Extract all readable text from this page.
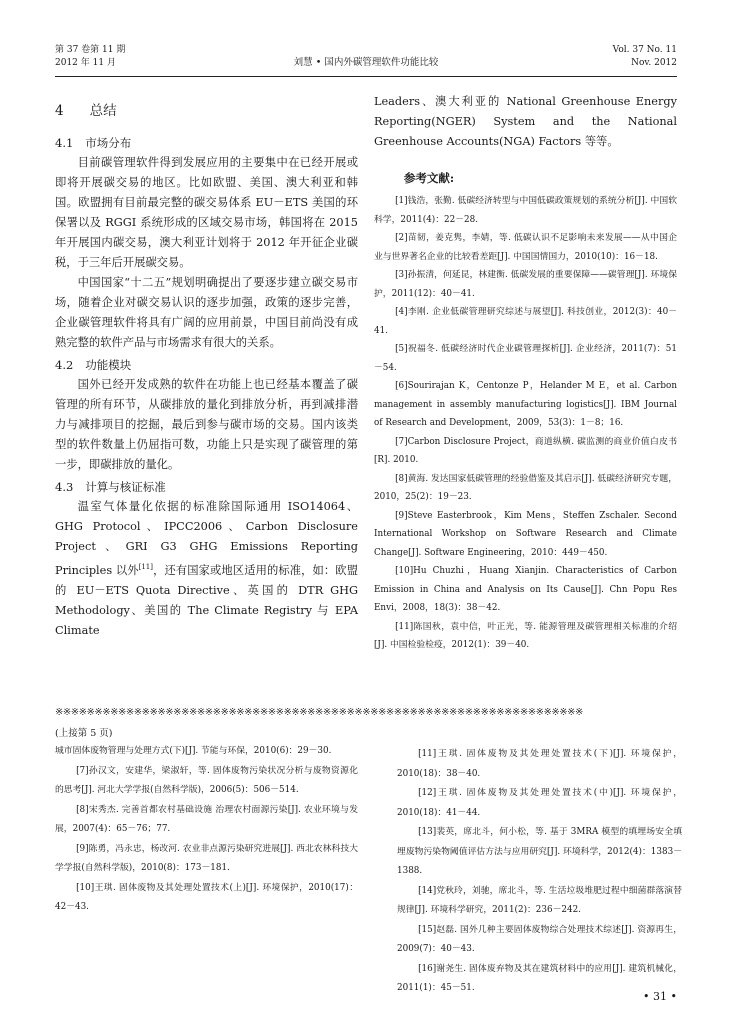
第 37 卷第 11 期
2012 年 11 月	刘慧 • 国内外碳管理软件功能比较
Vol. 37 No. 11
Nov. 2012
4 总结
4.1 市场分布

目前碳管理软件得到发展应用的主要集中在已经开展或即将开展碳交易的地区。比如欧盟、美国、澳大利亚和韩国。欧盟拥有目前最完整的碳交易体系 EU－ETS 美国的环保署以及 RGGI 系统形成的区域交易市场，韩国将在 2015 年开展国内碳交易，澳大利亚计划将于 2012 年开征企业碳税，于三年后开展碳交易。

中国国家“十二五”规划明确提出了要逐步建立碳交易市场，随着企业对碳交易认识的逐步加强，政策的逐步完善，企业碳管理软件将具有广阔的应用前景，中国目前尚没有成熟完整的软件产品与市场需求有很大的关系。

4.2 功能模块

国外已经开发成熟的软件在功能上也已经基本覆盖了碳管理的所有环节，从碳排放的量化到排放分析，再到减排潜力与减排项目的挖掘，最后到参与碳市场的交易。国内该类型的软件数量上仍屈指可数，功能上只是实现了碳管理的第一步，即碳排放的量化。

4.3 计算与核证标准

温室气体量化依据的标准除国际通用 ISO14064、GHG Protocol、IPCC2006、Carbon Disclosure Project、GRI G3 GHG Emissions Reporting Principles 以外[11]，还有国家或地区适用的标准，如：欧盟的 EU－ETS Quota Directive、英国的 DTR GHG Methodology、美国的 The Climate Registry 与 EPA Climate

Leaders、澳大利亚的 National Greenhouse Energy Reporting(NGER) System and the National Greenhouse Accounts(NGA) Factors 等等。

参考文献:

[1]钱浩，张勤. 低碳经济转型与中国低碳政策规划的系统分析[J]. 中国软科学，2011(4)：22－28.

[2]苗韧，姜克隽，李婧，等. 低碳认识不足影响未来发展——从中国企业与世界著名企业的比较看差距[J]. 中国国情国力，2010(10)：16－18.

[3]孙振清，何延昆，林建衡. 低碳发展的重要保障——碳管理[J]. 环境保护，2011(12)：40－41.

[4]李刚. 企业低碳管理研究综述与展望[J]. 科技创业，2012(3)：40－41.

[5]祝福冬. 低碳经济时代企业碳管理探析[J]. 企业经济，2011(7)：51－54.

[6]Sourirajan K，Centonze P，Helander M E，et al. Carbon management in assembly manufacturing logistics[J]. IBM Journal of Research and Development，2009，53(3)：1－8；16.

[7]Carbon Disclosure Project，商道纵横. 碳监测的商业价值白皮书[R]. 2010.

[8]黄海. 发达国家低碳管理的经验借鉴及其启示[J]. 低碳经济研究专题，2010，25(2)：19－23.

[9]Steve Easterbrook，Kim Mens，Steffen Zschaler. Second International Workshop on Software Research and Climate Change[J]. Software Engineering，2010：449－450.

[10]Hu Chuzhi，Huang Xianjin. Characteristics of Carbon Emission in China and Analysis on Its Cause[J]. Chn Popu Res Envi，2008，18(3)：38－42.

[11]陈国秋，袁中信，叶正光，等. 能源管理及碳管理相关标准的介绍[J]. 中国检验检疫，2012(1)：39－40.

※※※※※※※※※※※※※※※※※※※※※※※※※※※※※※※※※※※※※※※※※※※※※※※※※※※※※※※※※※※※※※※※※※※
(上接第 5 页)

城市固体废物管理与处理方式(下)[J]. 节能与环保，2010(6)：29－30.

[7]孙汉文，安建华，梁淑轩，等. 固体废物污染状况分析与废物资源化的思考[J]. 河北大学学报(自然科学版)，2006(5)：506－514.

[8]宋秀杰. 完善首都农村基础设施 治理农村面源污染[J]. 农业环境与发展，2007(4)：65－76；77.

[9]陈勇，冯永忠，杨改河. 农业非点源污染研究进展[J]. 西北农林科技大学学报(自然科学版)，2010(8)：173－181.

[10]王琪. 固体废物及其处理处置技术(上)[J]. 环境保护，2010(17)：42－43.

[11]王琪. 固体废物及其处理处置技术(下)[J]. 环境保护，2010(18)：38－40.

[12]王琪. 固体废物及其处理处置技术(中)[J]. 环境保护，2010(18)：41－44.

[13]裴英，席北斗，何小松，等. 基于 3MRA 模型的填埋场安全填埋废物污染物阈值评估方法与应用研究[J]. 环境科学，2012(4)：1383－1388.

[14]党秋玲，刘驰，席北斗，等. 生活垃圾堆肥过程中细菌群落演替规律[J]. 环境科学研究，2011(2)：236－242.

[15]赵磊. 国外几种主要固体废物综合处理技术综述[J]. 资源再生，2009(7)：40－43.

[16]谢尧生. 固体废弃物及其在建筑材料中的应用[J]. 建筑机械化，2011(1)：45－51.

• 31 •
